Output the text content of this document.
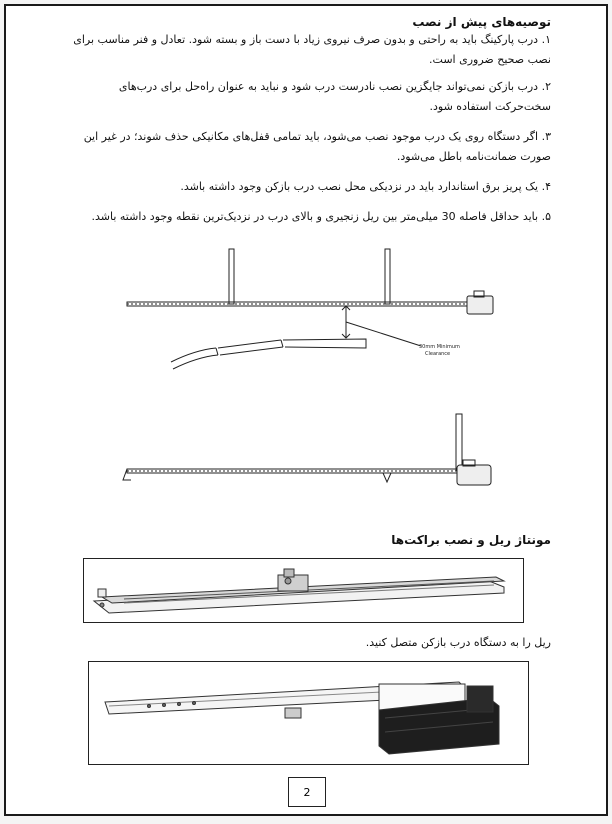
توصیه‌های پیش از نصب
۱. درب پارکینگ باید به راحتی و بدون صرف نیروی زیاد با دست باز و بسته شود. تعادل و فنر مناسب برای نصب صحیح ضروری است.
۲. درب بازکن نمی‌تواند جایگزین نصب نادرست درب شود و نباید به عنوان راه‌حل برای درب‌های سخت‌حرکت استفاده شود.
۳. اگر دستگاه روی یک درب موجود نصب می‌شود، باید تمامی قفل‌های مکانیکی حذف شوند؛ در غیر این صورت ضمانت‌نامه باطل می‌شود.
۴. یک پریز برق استاندارد باید در نزدیکی محل نصب درب بازکن وجود داشته باشد.
۵. باید حداقل فاصله 30 میلی‌متر بین ریل زنجیری و بالای درب در نزدیک‌ترین نقطه وجود داشته باشد.
30mm Minimum
Clearance
مونتاژ ریل و نصب براکت‌ها
ریل را به دستگاه درب بازکن متصل کنید.
2
